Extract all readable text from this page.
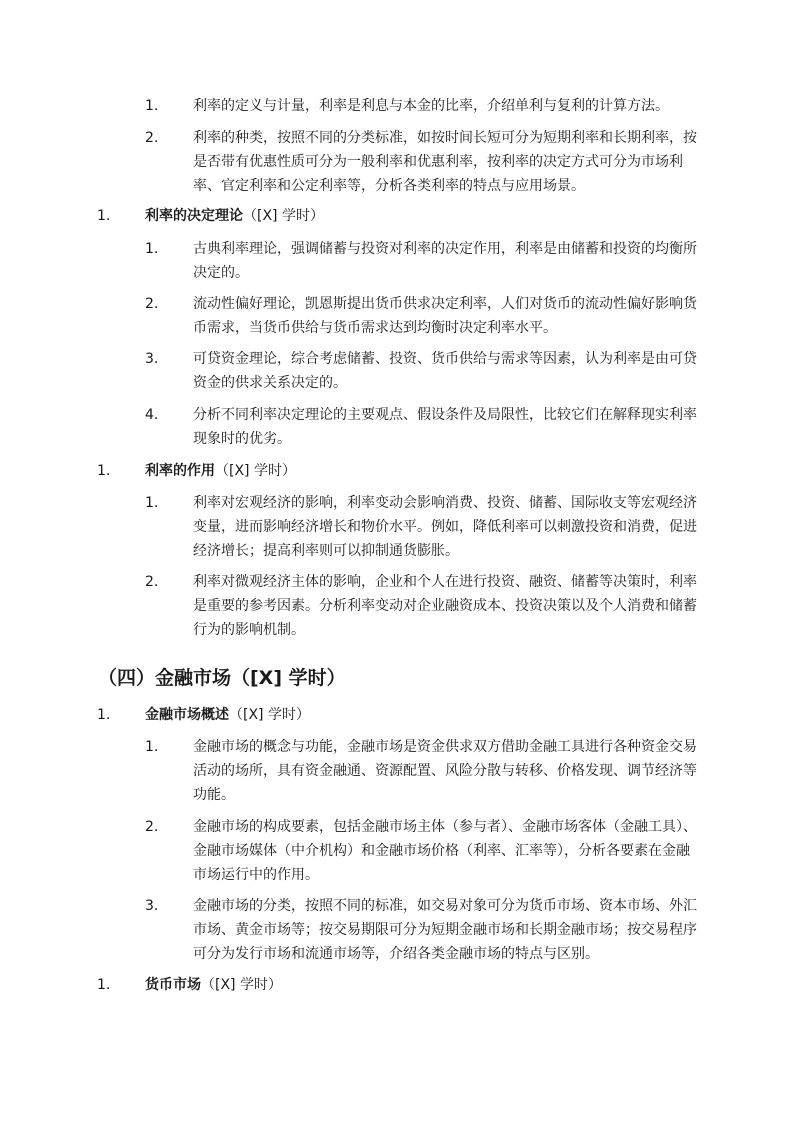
1.	利率的定义与计量，利率是利息与本金的比率，介绍单利与复利的计算方法。
2.	利率的种类，按照不同的分类标准，如按时间长短可分为短期利率和长期利率，按是否带有优惠性质可分为一般利率和优惠利率，按利率的决定方式可分为市场利率、官定利率和公定利率等，分析各类利率的特点与应用场景。
1.	利率的决定理论（[X] 学时）
1.	古典利率理论，强调储蓄与投资对利率的决定作用，利率是由储蓄和投资的均衡所决定的。
2.	流动性偏好理论，凯恩斯提出货币供求决定利率，人们对货币的流动性偏好影响货币需求，当货币供给与货币需求达到均衡时决定利率水平。
3.	可贷资金理论，综合考虑储蓄、投资、货币供给与需求等因素，认为利率是由可贷资金的供求关系决定的。
4.	分析不同利率决定理论的主要观点、假设条件及局限性，比较它们在解释现实利率现象时的优劣。
1.	利率的作用（[X] 学时）
1.	利率对宏观经济的影响，利率变动会影响消费、投资、储蓄、国际收支等宏观经济变量，进而影响经济增长和物价水平。例如，降低利率可以刺激投资和消费，促进经济增长；提高利率则可以抑制通货膨胀。
2.	利率对微观经济主体的影响，企业和个人在进行投资、融资、储蓄等决策时，利率是重要的参考因素。分析利率变动对企业融资成本、投资决策以及个人消费和储蓄行为的影响机制。
（四）金融市场（[X] 学时）
1.	金融市场概述（[X] 学时）
1.	金融市场的概念与功能，金融市场是资金供求双方借助金融工具进行各种资金交易活动的场所，具有资金融通、资源配置、风险分散与转移、价格发现、调节经济等功能。
2.	金融市场的构成要素，包括金融市场主体（参与者）、金融市场客体（金融工具）、金融市场媒体（中介机构）和金融市场价格（利率、汇率等），分析各要素在金融市场运行中的作用。
3.	金融市场的分类，按照不同的标准，如交易对象可分为货币市场、资本市场、外汇市场、黄金市场等；按交易期限可分为短期金融市场和长期金融市场；按交易程序可分为发行市场和流通市场等，介绍各类金融市场的特点与区别。
1.	货币市场（[X] 学时）
